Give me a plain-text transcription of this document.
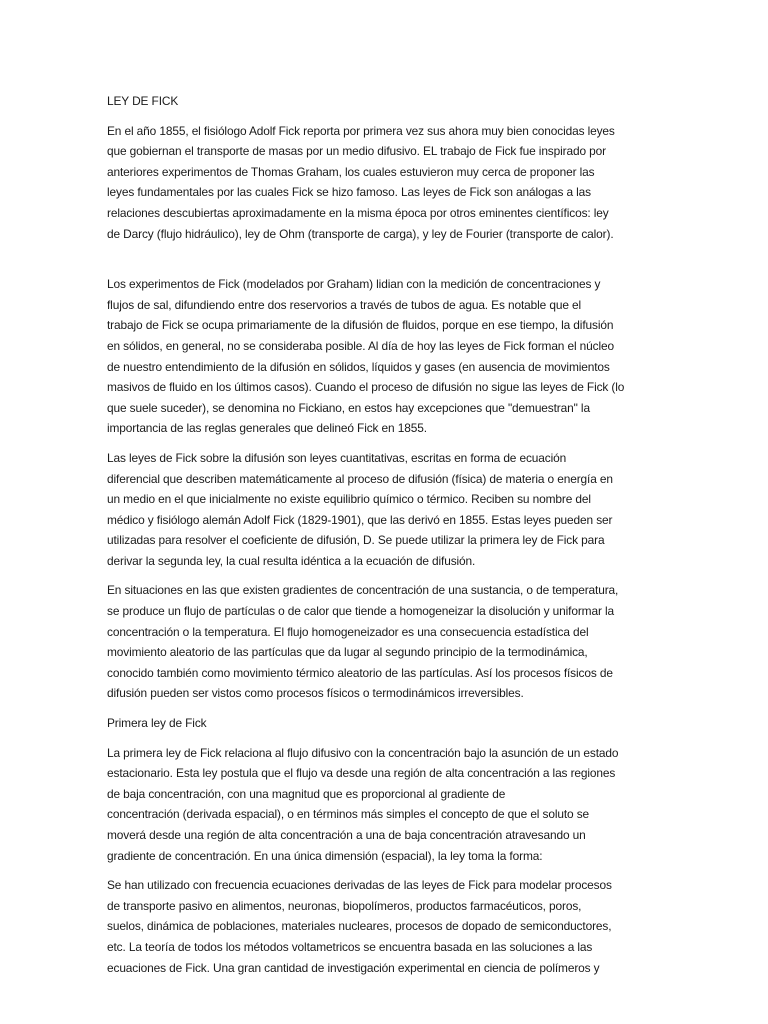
LEY DE FICK
En el año 1855, el fisiólogo Adolf Fick reporta por primera vez sus ahora muy bien conocidas leyes
que gobiernan el transporte de masas por un medio difusivo. EL trabajo de Fick fue inspirado por
anteriores experimentos de Thomas Graham, los cuales estuvieron muy cerca de proponer las
leyes fundamentales por las cuales Fick se hizo famoso. Las leyes de Fick son análogas a las
relaciones descubiertas aproximadamente en la misma época por otros eminentes científicos: ley
de Darcy (flujo hidráulico), ley de Ohm (transporte de carga), y ley de Fourier (transporte de calor).
Los experimentos de Fick (modelados por Graham) lidian con la medición de concentraciones y
flujos de sal, difundiendo entre dos reservorios a través de tubos de agua. Es notable que el
trabajo de Fick se ocupa primariamente de la difusión de fluidos, porque en ese tiempo, la difusión
en sólidos, en general, no se consideraba posible. Al día de hoy las leyes de Fick forman el núcleo
de nuestro entendimiento de la difusión en sólidos, líquidos y gases (en ausencia de movimientos
masivos de fluido en los últimos casos). Cuando el proceso de difusión no sigue las leyes de Fick (lo
que suele suceder), se denomina no Fickiano, en estos hay excepciones que "demuestran" la
importancia de las reglas generales que delineó Fick en 1855.
Las leyes de Fick sobre la difusión son leyes cuantitativas, escritas en forma de ecuación
diferencial que describen matemáticamente al proceso de difusión (física) de materia o energía en
un medio en el que inicialmente no existe equilibrio químico o térmico. Reciben su nombre del
médico y fisiólogo alemán Adolf Fick (1829-1901), que las derivó en 1855. Estas leyes pueden ser
utilizadas para resolver el coeficiente de difusión, D. Se puede utilizar la primera ley de Fick para
derivar la segunda ley, la cual resulta idéntica a la ecuación de difusión.
En situaciones en las que existen gradientes de concentración de una sustancia, o de temperatura,
se produce un flujo de partículas o de calor que tiende a homogeneizar la disolución y uniformar la
concentración o la temperatura. El flujo homogeneizador es una consecuencia estadística del
movimiento aleatorio de las partículas que da lugar al segundo principio de la termodinámica,
conocido también como movimiento térmico aleatorio de las partículas. Así los procesos físicos de
difusión pueden ser vistos como procesos físicos o termodinámicos irreversibles.
Primera ley de Fick
La primera ley de Fick relaciona al flujo difusivo con la concentración bajo la asunción de un estado
estacionario. Esta ley postula que el flujo va desde una región de alta concentración a las regiones
de baja concentración, con una magnitud que es proporcional al gradiente de
concentración (derivada espacial), o en términos más simples el concepto de que el soluto se
moverá desde una región de alta concentración a una de baja concentración atravesando un
gradiente de concentración. En una única dimensión (espacial), la ley toma la forma:
Se han utilizado con frecuencia ecuaciones derivadas de las leyes de Fick para modelar procesos
de transporte pasivo en alimentos, neuronas, biopolímeros, productos farmacéuticos, poros,
suelos, dinámica de poblaciones, materiales nucleares, procesos de dopado de semiconductores,
etc. La teoría de todos los métodos voltametricos se encuentra basada en las soluciones a las
ecuaciones de Fick. Una gran cantidad de investigación experimental en ciencia de polímeros y
